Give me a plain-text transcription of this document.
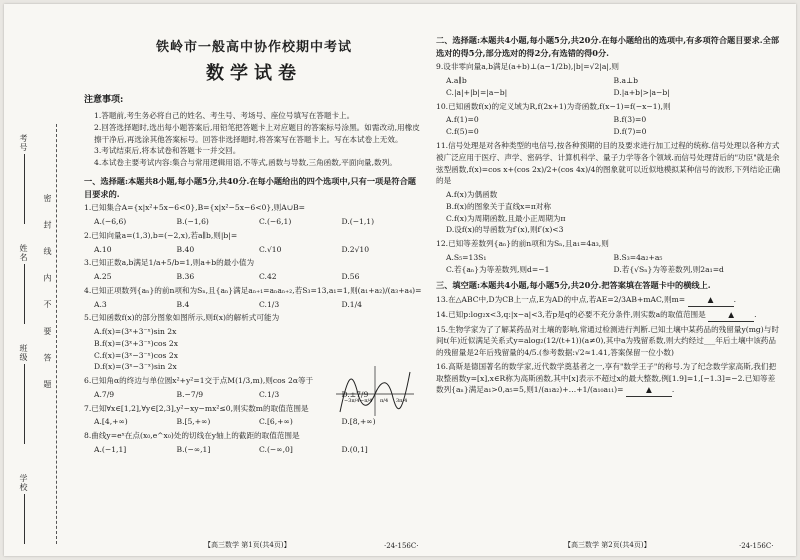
学校
班级
姓名
考号
密 封 线 内 不 要 答 题
铁岭市一般高中协作校期中考试
数学试卷
注意事项:
1.答题前,考生务必将自己的姓名、考生号、考场号、座位号填写在答题卡上。
2.回答选择题时,选出每小题答案后,用铅笔把答题卡上对应题目的答案标号涂黑。如需改动,用橡皮擦干净后,再选涂其他答案标号。回答非选择题时,将答案写在答题卡上。写在本试卷上无效。
3.考试结束后,将本试卷和答题卡一并交回。
4.本试卷主要考试内容:集合与常用逻辑用语,不等式,函数与导数,三角函数,平面向量,数列。
一、选择题:本题共8小题,每小题5分,共40分.在每小题给出的四个选项中,只有一项是符合题目要求的.
1.已知集合A={x|x²+5x−6<0},B={x|x²−5x−6<0},则A∪B=
A.(−6,6)	B.(−1,6)	C.(−6,1)	D.(−1,1)
2.已知向量a=(1,3),b=(−2,x),若a∥b,则|b|=
A.10	B.40	C.√10	D.2√10
3.已知正数a,b满足1/a+5/b=1,则a+b的最小值为
A.25	B.36	C.42	D.56
4.已知正项数列{aₙ}的前n项和为Sₙ,且{aₙ}满足aₙ₊₁=aₙaₙ₊₂,若S₃=13,a₁=1,则(a₁+a₂)/(a₃+a₄)=
A.3	B.4	C.1/3	D.1/4
5.已知函数f(x)的部分图象如图所示,则f(x)的解析式可能为
A.f(x)=(3ˣ+3⁻ˣ)sin 2x
B.f(x)=(3ˣ+3⁻ˣ)cos 2x
C.f(x)=(3ˣ−3⁻ˣ)cos 2x
D.f(x)=(3ˣ−3⁻ˣ)sin 2x
6.已知角α的终边与单位圆x²+y²=1交于点M(1/3,m),则cos 2α等于
A.7/9	B.−7/9	C.1/3	D.±7/9
7.已知∀x∈[1,2],∀y∈[2,3],y²−xy−mx²≤0,则实数m的取值范围是
A.[4,+∞)	B.[5,+∞)	C.[6,+∞)	D.[8,+∞)
8.曲线y=eˣ在点(x₀,e^x₀)处的切线在y轴上的截距的取值范围是
A.(−1,1]	B.(−∞,1]	C.(−∞,0]	D.(0,1]
−3π/4 −π/4 π/4 3π/4
【高三数学 第1页(共4页)】	·24-156C·
二、选择题:本题共4小题,每小题5分,共20分.在每小题给出的选项中,有多项符合题目要求.全部选对的得5分,部分选对的得2分,有选错的得0分.
9.设非零向量a,b满足(a+b)⊥(a−1/2b),|b|=√2|a|,则
A.a∥b	B.a⊥b
C.|a|+|b|=|a−b|	D.|a+b|>|a−b|
10.已知函数f(x)的定义域为R,f(2x+1)为奇函数,f(x−1)=f(−x−1),则
A.f(1)=0	B.f(3)=0
C.f(5)=0	D.f(7)=0
11.信号处理是对各种类型的电信号,按各种预期的目的及要求进行加工过程的统称.信号处理以各种方式被广泛应用于医疗、声学、密码学、计算机科学、量子力学等各个领域.而信号处理背后的"功臣"就是余弦型函数,f(x)=cos x+(cos 2x)/2+(cos 4x)/4的图象就可以近似地模拟某种信号的波形,下列结论正确的是
A.f(x)为偶函数
B.f(x)的图象关于直线x=π对称
C.f(x)为周期函数,且最小正周期为π
D.设f(x)的导函数为f′(x),则f′(x)<3
12.已知等差数列{aₙ}的前n项和为Sₙ,且a₁=4a₃,则
A.S₅=13S₁	B.S₃=4a₂+a₅
C.若{aₙ}为等差数列,则d=−1	D.若{√Sₙ}为等差数列,则2a₁=d
三、填空题:本题共4小题,每小题5分,共20分.把答案填在答题卡中的横线上.
13.在△ABC中,D为CB上一点,E为AD的中点,若AE=2/3AB+mAC,则m=	▲	.
14.已知p:log₂x<3,q:|x−a|<3,若p是q的必要不充分条件,则实数a的取值范围是	▲	.
15.生物学家为了了解某药品对土壤的影响,常通过检测进行判断.已知土壤中某药品的残留量y(mg)与时间t(年)近似满足关系式y=alog₂(12/(t+1))(a≠0),其中a为残留系数,则大约经过___年后土壤中该药品的残留量是2年后残留量的4/5.(参考数据:√2≈1.41,答案保留一位小数)
16.高斯是德国著名的数学家,近代数学奠基者之一,享有"数学王子"的称号.为了纪念数学家高斯,我们把取整函数y=[x],x∈R称为高斯函数,其中[x]表示不超过x的最大整数,例[1.9]=1,[−1.3]=−2.已知等差数列{aₙ}满足a₁>0,a₅=5,则1/(a₁a₂)+…+1/(a₁₀a₁₁)=	▲	.
【高三数学 第2页(共4页)】	·24-156C·
